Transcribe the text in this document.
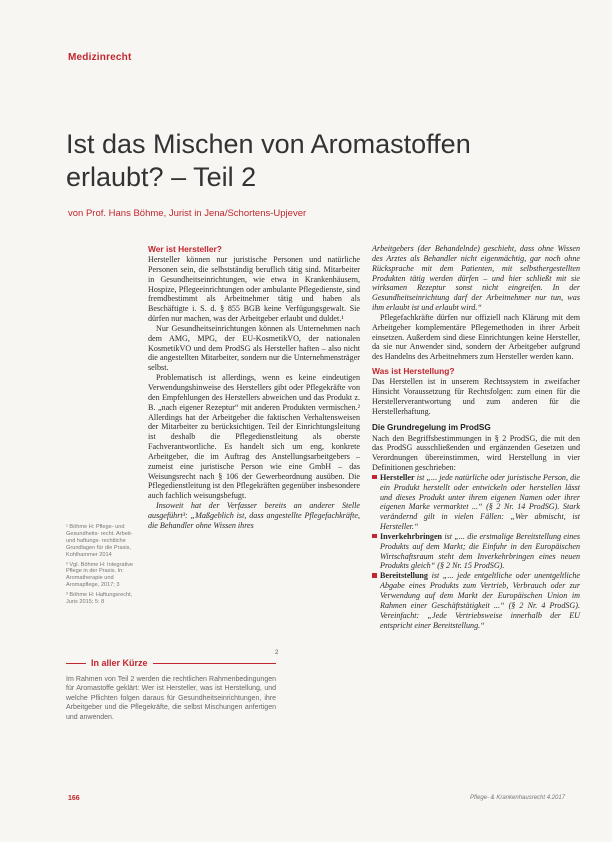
Medizinrecht
Ist das Mischen von Aromastoffen erlaubt? – Teil 2
von Prof. Hans Böhme, Jurist in Jena/Schortens-Upjever
Wer ist Hersteller?

Hersteller können nur juristische Personen und natürliche Personen sein, die selbstständig beruflich tätig sind. Mitarbeiter in Gesundheitseinrichtungen, wie etwa in Krankenhäusern, Hospize, Pflegeeinrichtungen oder ambulante Pflegedienste, sind fremdbestimmt als Arbeitnehmer tätig und haben als Beschäftigte i. S. d. § 855 BGB keine Verfügungsgewalt. Sie dürfen nur machen, was der Arbeitgeber erlaubt und duldet.¹

Nur Gesundheitseinrichtungen können als Unternehmen nach dem AMG, MPG, der EU-KosmetikVO, der nationalen KosmetikVO und dem ProdSG als Hersteller haften – also nicht die angestellten Mitarbeiter, sondern nur die Unternehmensträger selbst.

Problematisch ist allerdings, wenn es keine eindeutigen Verwendungshinweise des Herstellers gibt oder Pflegekräfte von den Empfehlungen des Herstellers abweichen und das Produkt z. B. „nach eigener Rezeptur“ mit anderen Produkten vermischen.² Allerdings hat der Arbeitgeber die faktischen Verhaltensweisen der Mitarbeiter zu berücksichtigen. Teil der Einrichtungsleitung ist deshalb die Pflegedienstleitung als oberste Fachverantwortliche. Es handelt sich um eng, konkrete Arbeitgeber, die im Auftrag des Anstellungsarbeitgebers – zumeist eine juristische Person wie eine GmbH – das Weisungsrecht nach § 106 der Gewerbeordnung ausüben. Die Pflegedienstleitung ist den Pflegekräften gegenüber insbesondere auch fachlich weisungsbefugt.

Insoweit hat der Verfasser bereits an anderer Stelle ausgeführt³: „Maßgeblich ist, dass angestellte Pflegefachkräfte, die Behandler ohne Wissen ihres

Arbeitgebers (der Behandelnde) geschieht, dass ohne Wissen des Arztes als Behandler nicht eigenmächtig, gar noch ohne Rücksprache mit dem Patienten, mit selbsthergestellten Produkten tätig werden dürfen – und hier schließt mit sie wirksamen Rezeptur sonst nicht eingreifen. In der Gesundheitseinrichtung darf der Arbeitnehmer nur tun, was ihm erlaubt ist und erlaubt wird.“

Pflegefachkräfte dürfen nur offiziell nach Klärung mit dem Arbeitgeber komplementäre Pflegemethoden in ihrer Arbeit einsetzen. Außerdem sind diese Einrichtungen keine Hersteller, da sie nur Anwender sind, sondern der Arbeitgeber aufgrund des Handelns des Arbeitnehmers zum Hersteller werden kann.

Was ist Herstellung?

Das Herstellen ist in unserem Rechtssystem in zweifacher Hinsicht Voraussetzung für Rechtsfolgen: zum einen für die Herstellerverantwortung und zum anderen für die Herstellerhaftung.

Die Grundregelung im ProdSG

Nach den Begriffsbestimmungen in § 2 ProdSG, die mit den das ProdSG ausschließenden und ergänzenden Gesetzen und Verordnungen übereinstimmen, wird Herstellung in vier Definitionen geschrieben:

Hersteller ist „... jede natürliche oder juristische Person, die ein Produkt herstellt oder entwickeln oder herstellen lässt und dieses Produkt unter ihrem eigenen Namen oder ihrer eigenen Marke vermarktet ...“ (§ 2 Nr. 14 ProdSG). Stark verändernd gilt in vielen Fällen: „Wer abmischt, ist Hersteller.“
Inverkehrbringen ist „... die erstmalige Bereitstellung eines Produkts auf dem Markt; die Einfuhr in den Europäischen Wirtschaftsraum steht dem Inverkehrbringen eines neuen Produkts gleich“ (§ 2 Nr. 15 ProdSG).
Bereitstellung ist „... jede entgeltliche oder unentgeltliche Abgabe eines Produkts zum Vertrieb, Verbrauch oder zur Verwendung auf dem Markt der Europäischen Union im Rahmen einer Geschäftstätigkeit ...“ (§ 2 Nr. 4 ProdSG). Vereinfacht: „Jede Vertriebsweise innerhalb der EU entspricht einer Bereitstellung.“

¹ Böhme H: Pflege- und Gesundheits- recht. Arbeit- und haftungs- rechtliche Grundlagen für die Praxis, Kohlhammer 2014

² Vgl. Böhme H: Integrative Pflege in der Praxis. In: Aromatherapie und Aromapflege, 2017; 3

³ Böhme H: Haftungsrecht, Juris 2015; 5: 8

2
In aller Kürze
Im Rahmen von Teil 2 werden die rechtlichen Rahmenbedingungen für Aromastoffe geklärt: Wer ist Hersteller, was ist Herstellung, und welche Pflichten folgen daraus für Gesundheitseinrichtungen, ihre Arbeitgeber und die Pflegekräfte, die selbst Mischungen anfertigen und anwenden.
166	Pflege- & Krankenhausrecht 4.2017
